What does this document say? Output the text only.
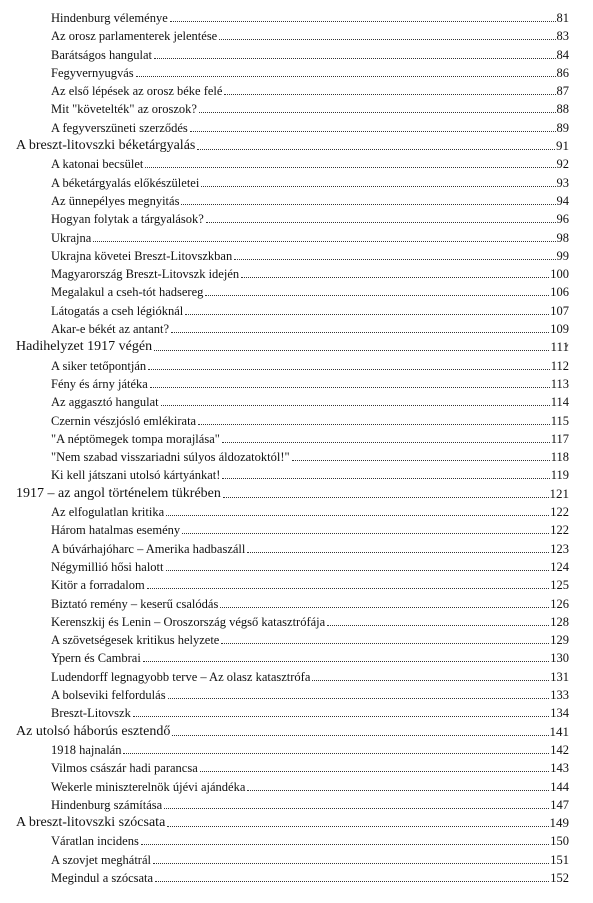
Hindenburg véleménye	81
Az orosz parlamenterek jelentése	83
Barátságos hangulat	84
Fegyvernyugvás	86
Az első lépések az orosz béke felé	87
Mit "követelték" az oroszok?	88
A fegyverszüneti szerződés	89
A breszt-litovszki béketárgyalás	91
A katonai becsület	92
A béketárgyalás előkészületei	93
Az ünnepélyes megnyitás	94
Hogyan folytak a tárgyalások?	96
Ukrajna	98
Ukrajna követei Breszt-Litovszkban	99
Magyarország Breszt-Litovszk idején	100
Megalakul a cseh-tót hadsereg	106
Látogatás a cseh légióknál	107
Akar-e békét az antant?	109
Hadihelyzet 1917 végén	111
A siker tetőpontján	112
Fény és árny játéka	113
Az aggasztó hangulat	114
Czernin vészjósló emlékirata	115
"A néptömegek tompa morajlása"	117
"Nem szabad visszariadni súlyos áldozatoktól!"	118
Ki kell játszani utolsó kártyánkat!	119
1917 – az angol történelem tükrében	121
Az elfogulatlan kritika	122
Három hatalmas esemény	122
A búvárhajóharc – Amerika hadbaszáll	123
Négymillió hősi halott	124
Kitör a forradalom	125
Biztató remény – keserű csalódás	126
Kerenszkij és Lenin – Oroszország végső katasztrófája	128
A szövetségesek kritikus helyzete	129
Ypern és Cambrai	130
Ludendorff legnagyobb terve – Az olasz katasztrófa	131
A bolseviki felfordulás	133
Breszt-Litovszk	134
Az utolsó háborús esztendő	141
1918 hajnalán	142
Vilmos császár hadi parancsa	143
Wekerle miniszterelnök újévi ajándéka	144
Hindenburg számítása	147
A breszt-litovszki szócsata	149
Váratlan incidens	150
A szovjet meghátrál	151
Megindul a szócsata	152
